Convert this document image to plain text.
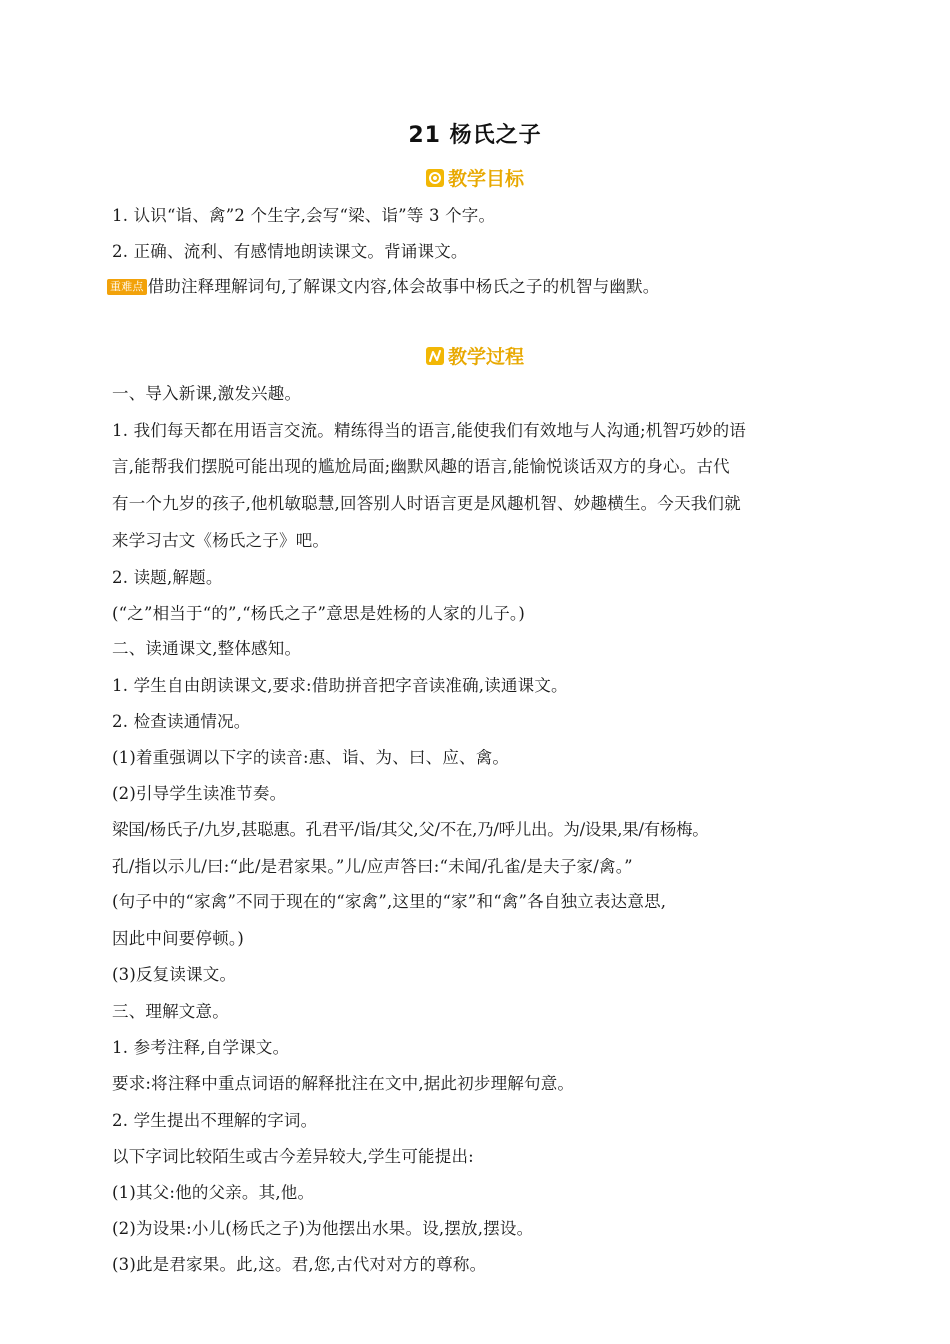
21 杨氏之子
教学目标
1. 认识“诣、禽”2 个生字,会写“梁、诣”等 3 个字。
2. 正确、流利、有感情地朗读课文。背诵课文。
重难点 借助注释理解词句,了解课文内容,体会故事中杨氏之子的机智与幽默。
教学过程
一、导入新课,激发兴趣。
1. 我们每天都在用语言交流。精练得当的语言,能使我们有效地与人沟通;机智巧妙的语
言,能帮我们摆脱可能出现的尴尬局面;幽默风趣的语言,能愉悦谈话双方的身心。古代
有一个九岁的孩子,他机敏聪慧,回答别人时语言更是风趣机智、妙趣横生。今天我们就
来学习古文《杨氏之子》吧。
2. 读题,解题。
(“之”相当于“的”,“杨氏之子”意思是姓杨的人家的儿子。)
二、读通课文,整体感知。
1. 学生自由朗读课文,要求:借助拼音把字音读准确,读通课文。
2. 检查读通情况。
(1)着重强调以下字的读音:惠、诣、为、曰、应、禽。
(2)引导学生读准节奏。
梁国/杨氏子/九岁,甚聪惠。孔君平/诣/其父,父/不在,乃/呼儿出。为/设果,果/有杨梅。
孔/指以示儿/曰:“此/是君家果。”儿/应声答曰:“未闻/孔雀/是夫子家/禽。”
(句子中的“家禽”不同于现在的“家禽”,这里的“家”和“禽”各自独立表达意思,
因此中间要停顿。)
(3)反复读课文。
三、理解文意。
1. 参考注释,自学课文。
要求:将注释中重点词语的解释批注在文中,据此初步理解句意。
2. 学生提出不理解的字词。
以下字词比较陌生或古今差异较大,学生可能提出:
(1)其父:他的父亲。其,他。
(2)为设果:小儿(杨氏之子)为他摆出水果。设,摆放,摆设。
(3)此是君家果。此,这。君,您,古代对对方的尊称。
